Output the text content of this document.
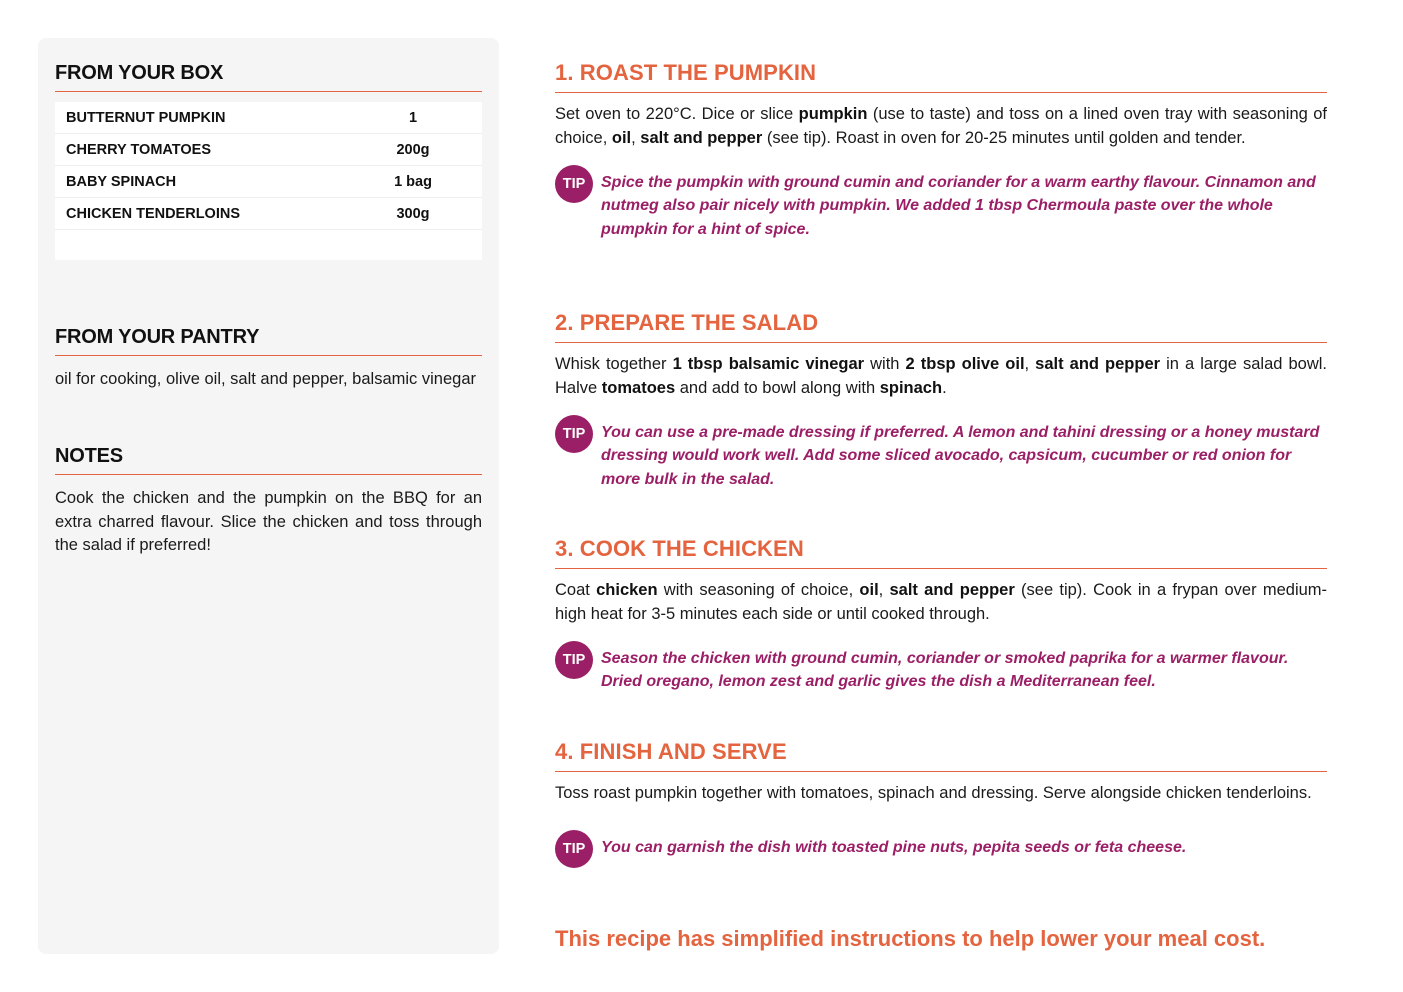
FROM YOUR BOX
BUTTERNUT PUMPKIN	1	
CHERRY TOMATOES	200g	
BABY SPINACH	1 bag	
CHICKEN TENDERLOINS	300g	

FROM YOUR PANTRY
oil for cooking, olive oil, salt and pepper, balsamic vinegar
NOTES
Cook the chicken and the pumpkin on the BBQ for an extra charred flavour. Slice the chicken and toss through the salad if preferred!
1. ROAST THE PUMPKIN
Set oven to 220°C. Dice or slice pumpkin (use to taste) and toss on a lined oven tray with seasoning of choice, oil, salt and pepper (see tip). Roast in oven for 20-25 minutes until golden and tender.
TIP Spice the pumpkin with ground cumin and coriander for a warm earthy flavour. Cinnamon and nutmeg also pair nicely with pumpkin. We added 1 tbsp Chermoula paste over the whole pumpkin for a hint of spice.
2. PREPARE THE SALAD
Whisk together 1 tbsp balsamic vinegar with 2 tbsp olive oil, salt and pepper in a large salad bowl. Halve tomatoes and add to bowl along with spinach.
TIP You can use a pre-made dressing if preferred. A lemon and tahini dressing or a honey mustard dressing would work well. Add some sliced avocado, capsicum, cucumber or red onion for more bulk in the salad.
3. COOK THE CHICKEN
Coat chicken with seasoning of choice, oil, salt and pepper (see tip). Cook in a frypan over medium-high heat for 3-5 minutes each side or until cooked through.
TIP Season the chicken with ground cumin, coriander or smoked paprika for a warmer flavour. Dried oregano, lemon zest and garlic gives the dish a Mediterranean feel.
4. FINISH AND SERVE
Toss roast pumpkin together with tomatoes, spinach and dressing. Serve alongside chicken tenderloins.
TIP You can garnish the dish with toasted pine nuts, pepita seeds or feta cheese.
This recipe has simplified instructions to help lower your meal cost.
